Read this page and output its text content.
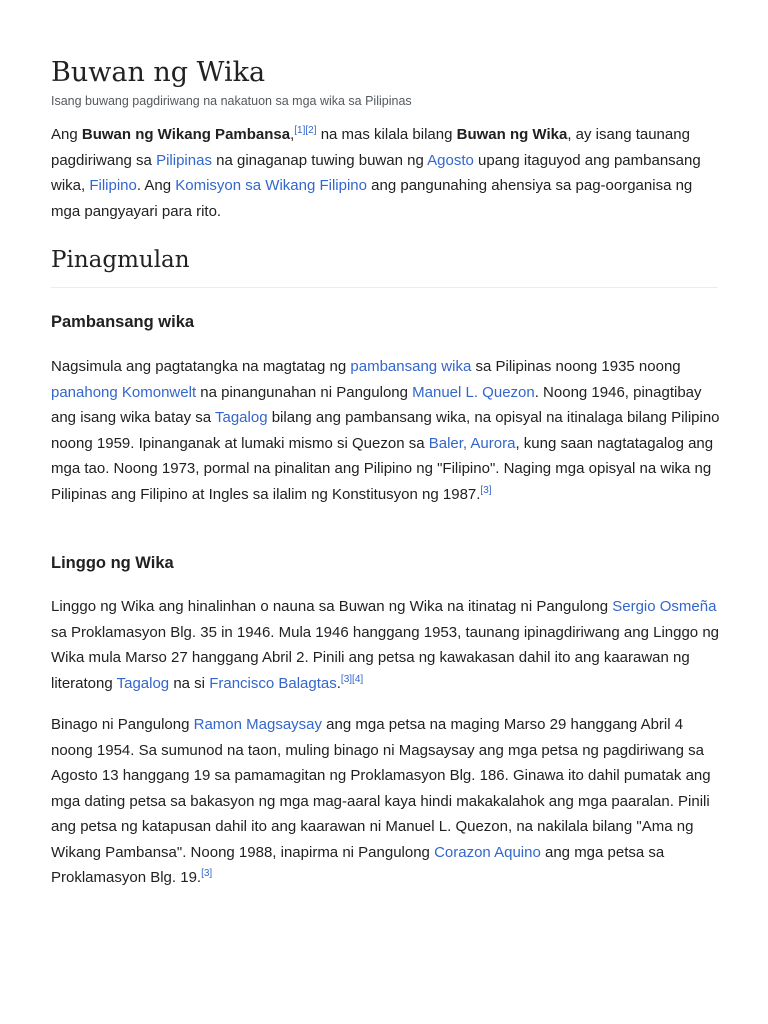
Buwan ng Wika
Isang buwang pagdiriwang na nakatuon sa mga wika sa Pilipinas

Ang Buwan ng Wikang Pambansa,[1][2] na mas kilala bilang Buwan ng Wika, ay isang taunang pagdiriwang sa Pilipinas na ginaganap tuwing buwan ng Agosto upang itaguyod ang pambansang wika, Filipino. Ang Komisyon sa Wikang Filipino ang pangunahing ahensiya sa pag-oorganisa ng mga pangyayari para rito.

Pinagmulan
Pambansang wika

Nagsimula ang pagtatangka na magtatag ng pambansang wika sa Pilipinas noong 1935 noong panahong Komonwelt na pinangunahan ni Pangulong Manuel L. Quezon. Noong 1946, pinagtibay ang isang wika batay sa Tagalog bilang ang pambansang wika, na opisyal na itinalaga bilang Pilipino noong 1959. Ipinanganak at lumaki mismo si Quezon sa Baler, Aurora, kung saan nagtatagalog ang mga tao. Noong 1973, pormal na pinalitan ang Pilipino ng "Filipino". Naging mga opisyal na wika ng Pilipinas ang Filipino at Ingles sa ilalim ng Konstitusyon ng 1987.[3]

Linggo ng Wika

Linggo ng Wika ang hinalinhan o nauna sa Buwan ng Wika na itinatag ni Pangulong Sergio Osmeña sa Proklamasyon Blg. 35 in 1946. Mula 1946 hanggang 1953, taunang ipinagdiriwang ang Linggo ng Wika mula Marso 27 hanggang Abril 2. Pinili ang petsa ng kawakasan dahil ito ang kaarawan ng literatong Tagalog na si Francisco Balagtas.[3][4]

Binago ni Pangulong Ramon Magsaysay ang mga petsa na maging Marso 29 hanggang Abril 4 noong 1954. Sa sumunod na taon, muling binago ni Magsaysay ang mga petsa ng pagdiriwang sa Agosto 13 hanggang 19 sa pamamagitan ng Proklamasyon Blg. 186. Ginawa ito dahil pumatak ang mga dating petsa sa bakasyon ng mga mag-aaral kaya hindi makakalahok ang mga paaralan. Pinili ang petsa ng katapusan dahil ito ang kaarawan ni Manuel L. Quezon, na nakilala bilang "Ama ng Wikang Pambansa". Noong 1988, inapirma ni Pangulong Corazon Aquino ang mga petsa sa Proklamasyon Blg. 19.[3]
